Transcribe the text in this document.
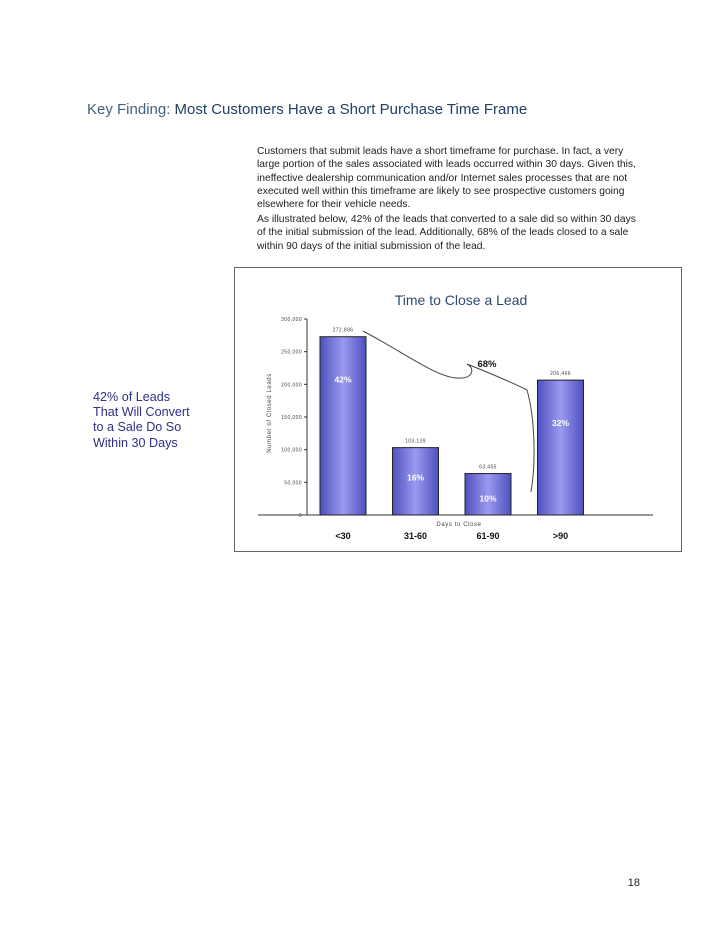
Key Finding: Most Customers Have a Short Purchase Time Frame

Customers that submit leads have a short timeframe for purchase. In fact, a very large portion of the sales associated with leads occurred within 30 days. Given this, ineffective dealership communication and/or Internet sales processes that are not executed well within this timeframe are likely to see prospective customers going elsewhere for their vehicle needs.

As illustrated below, 42% of the leads that converted to a sale did so within 30 days of the initial submission of the lead. Additionally, 68% of the leads closed to a sale within 90 days of the initial submission of the lead.

42% of Leads
That Will Convert
to a Sale Do So
Within 30 Days

Time to Close a Lead
0
50,000
100,000
150,000
200,000
250,000
300,000
272,886
42%
<30
103,139
16%
31-60
63,455
10%
61-90
206,466
32%
>90
68%
Number of Closed Leads
Days to Close
18
